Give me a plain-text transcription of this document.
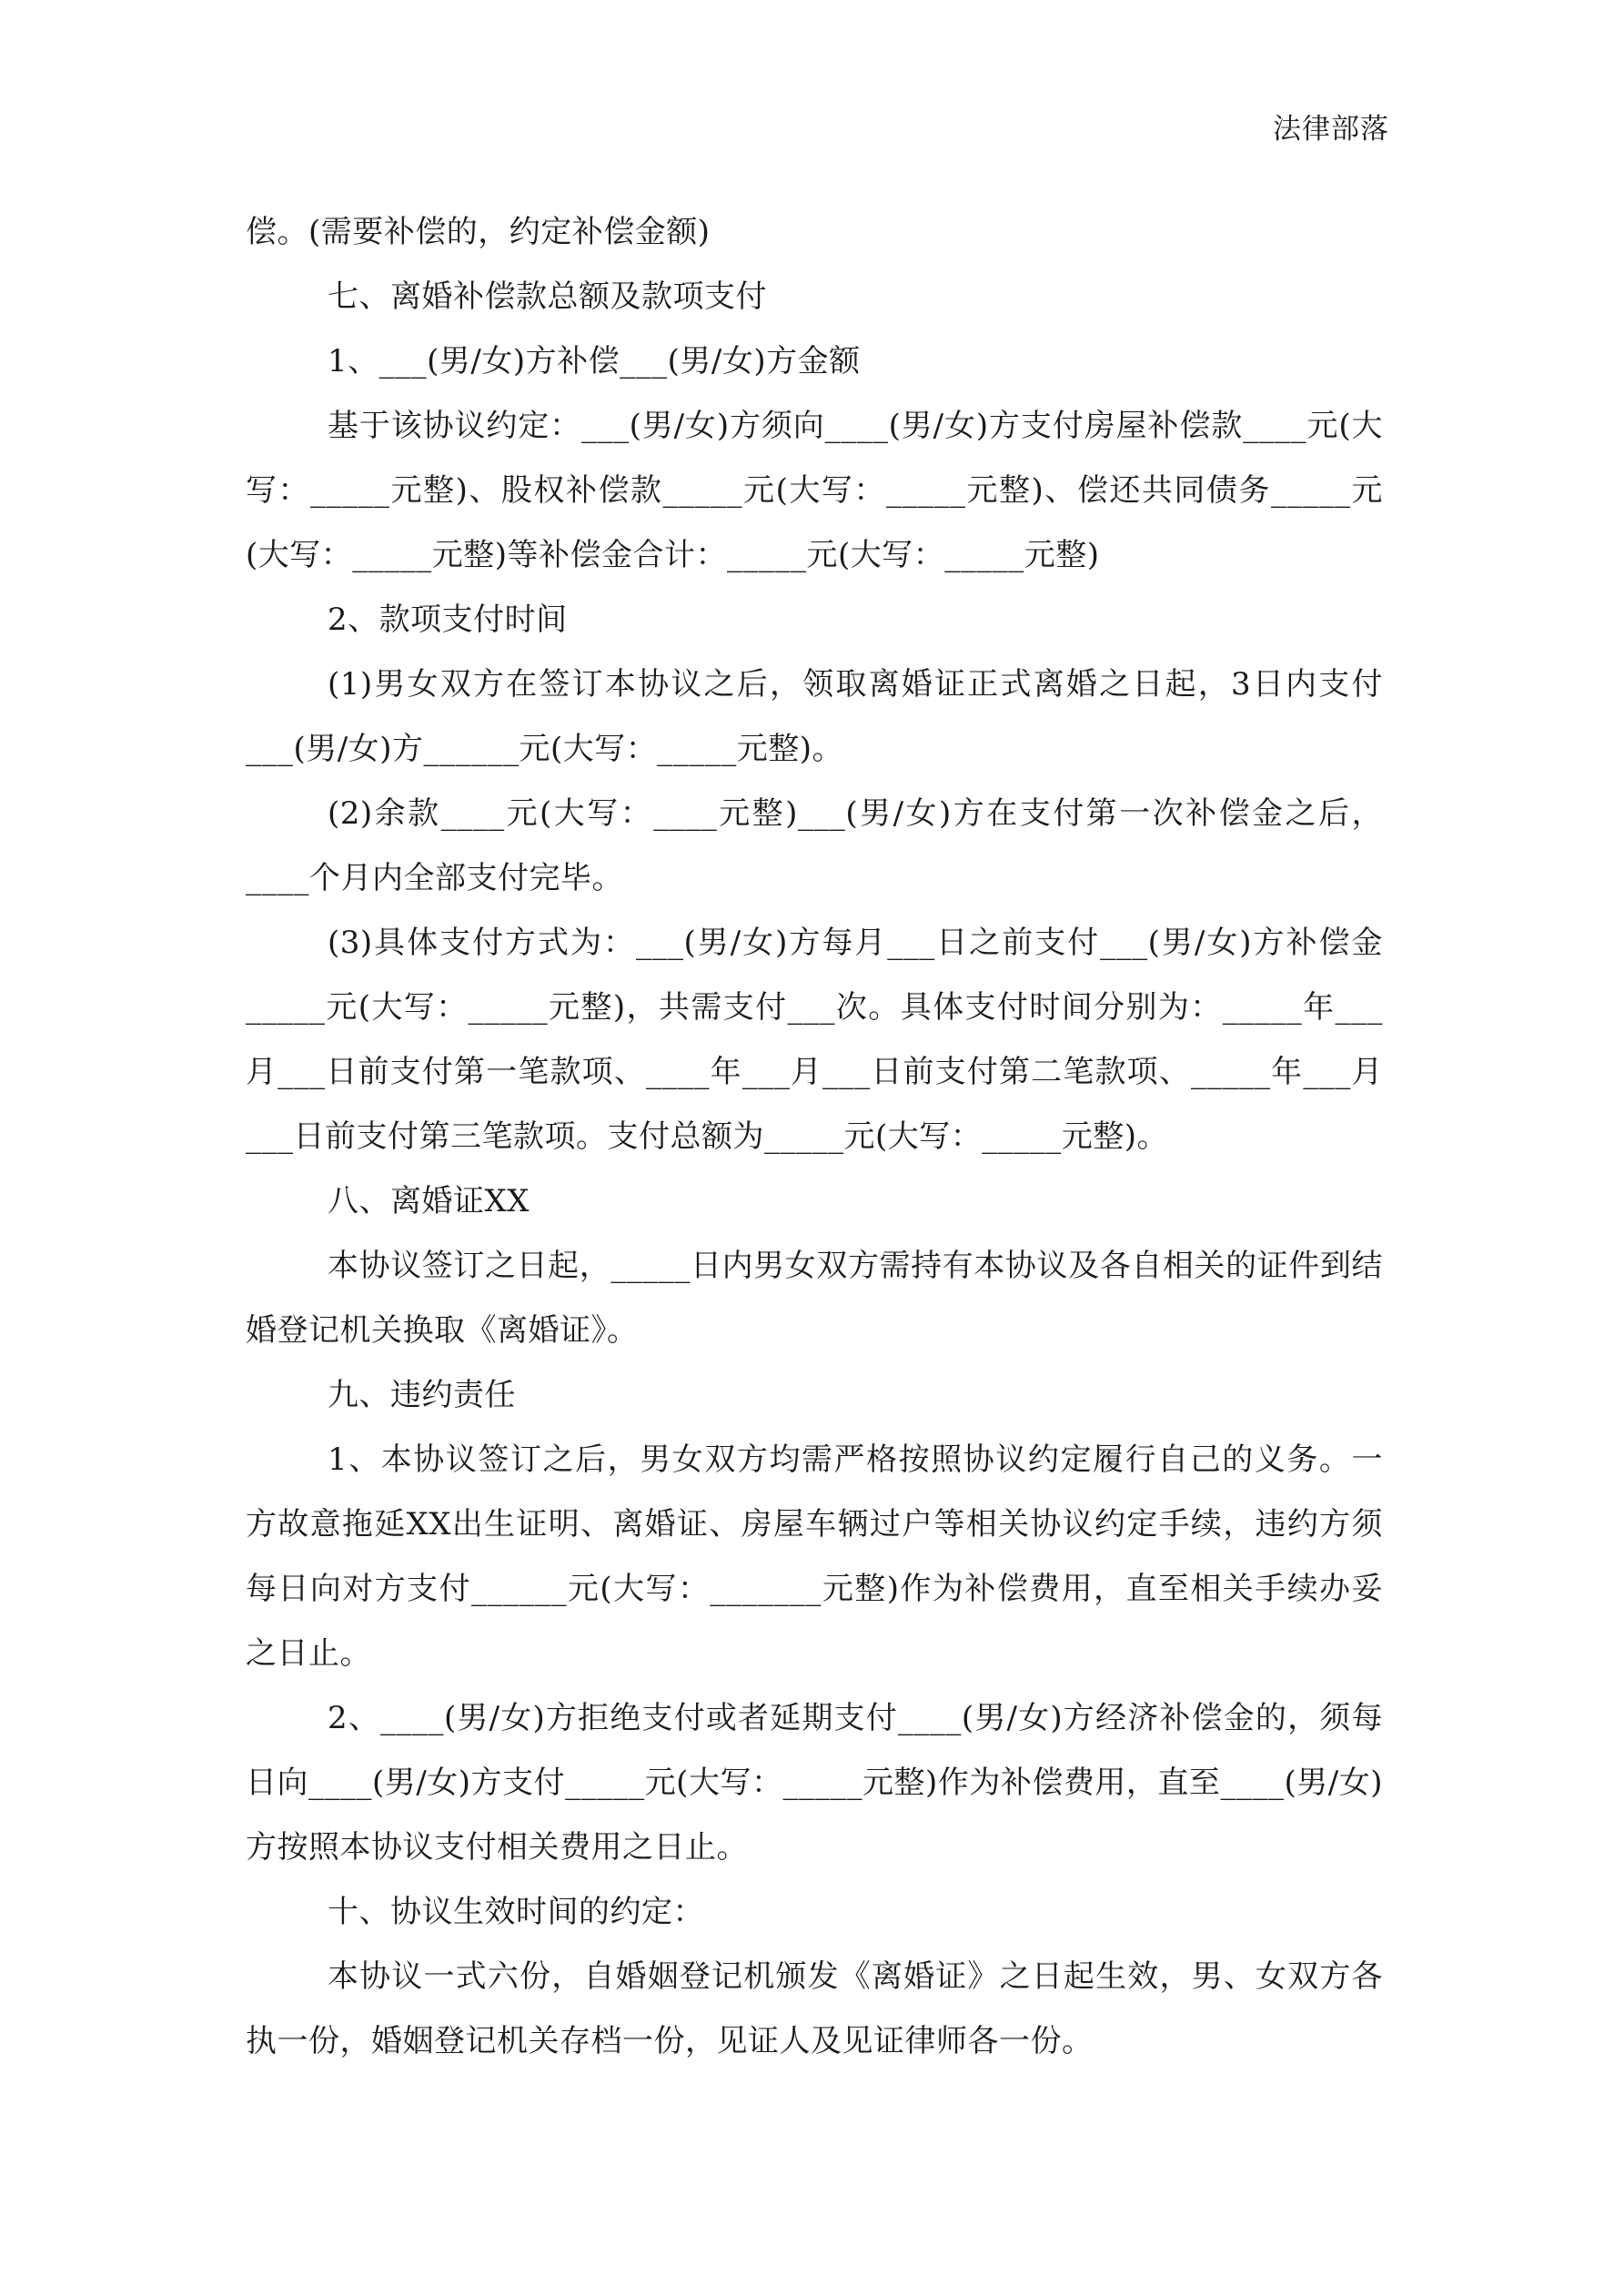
法律部落

偿。(需要补偿的，约定补偿金额)

七、离婚补偿款总额及款项支付

1、___(男/女)方补偿___(男/女)方金额

基于该协议约定：___(男/女)方须向____(男/女)方支付房屋补偿款____元(大写：_____元整)、股权补偿款_____元(大写：_____元整)、偿还共同债务_____元(大写：_____元整)等补偿金合计：_____元(大写：_____元整)

2、款项支付时间

(1)男女双方在签订本协议之后，领取离婚证正式离婚之日起，3日内支付___(男/女)方______元(大写：_____元整)。

(2)余款____元(大写：____元整)___(男/女)方在支付第一次补偿金之后，____个月内全部支付完毕。

(3)具体支付方式为：___(男/女)方每月___日之前支付___(男/女)方补偿金_____元(大写：_____元整)，共需支付___次。具体支付时间分别为：_____年___月___日前支付第一笔款项、____年___月___日前支付第二笔款项、_____年___月___日前支付第三笔款项。支付总额为_____元(大写：_____元整)。

八、离婚证XX

本协议签订之日起，_____日内男女双方需持有本协议及各自相关的证件到结婚登记机关换取《离婚证》。

九、违约责任

1、本协议签订之后，男女双方均需严格按照协议约定履行自己的义务。一方故意拖延XX出生证明、离婚证、房屋车辆过户等相关协议约定手续，违约方须每日向对方支付______元(大写：_______元整)作为补偿费用，直至相关手续办妥之日止。

2、____(男/女)方拒绝支付或者延期支付____(男/女)方经济补偿金的，须每日向____(男/女)方支付_____元(大写：_____元整)作为补偿费用，直至____(男/女)方按照本协议支付相关费用之日止。

十、协议生效时间的约定：

本协议一式六份，自婚姻登记机颁发《离婚证》之日起生效，男、女双方各执一份，婚姻登记机关存档一份，见证人及见证律师各一份。
